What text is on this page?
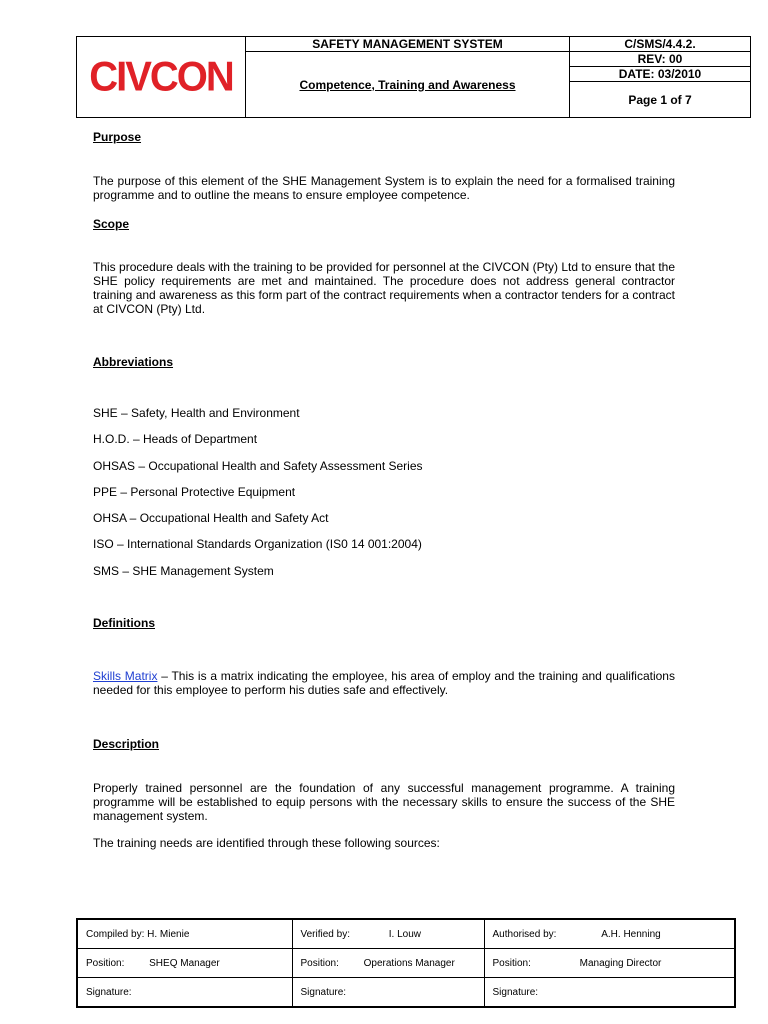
CIVCON	SAFETY MANAGEMENT SYSTEM	C/SMS/4.4.2.
	Competence, Training and Awareness	REV: 00
		DATE: 03/2010
		Page 1 of 7
Purpose

The purpose of this element of the SHE Management System is to explain the need for a formalised training programme and to outline the means to ensure employee competence.

Scope

This procedure deals with the training to be provided for personnel at the CIVCON (Pty) Ltd to ensure that the SHE policy requirements are met and maintained. The procedure does not address general contractor training and awareness as this form part of the contract requirements when a contractor tenders for a contract at CIVCON (Pty) Ltd.

Abbreviations

SHE – Safety, Health and Environment

H.O.D. – Heads of Department

OHSAS – Occupational Health and Safety Assessment Series

PPE – Personal Protective Equipment

OHSA – Occupational Health and Safety Act

ISO – International Standards Organization (IS0 14 001:2004)

SMS – SHE Management System

Definitions

Skills Matrix – This is a matrix indicating the employee, his area of employ and the training and qualifications needed for this employee to perform his duties safe and effectively.

Description

Properly trained personnel are the foundation of any successful management programme. A training programme will be established to equip persons with the necessary skills to ensure the success of the SHE management system.

The training needs are identified through these following sources:

Compiled by: H. Mienie	Verified by: I. Louw	Authorised by: A.H. Henning
Position: SHEQ Manager	Position: Operations Manager	Position: Managing Director
Signature:	Signature:	Signature:
